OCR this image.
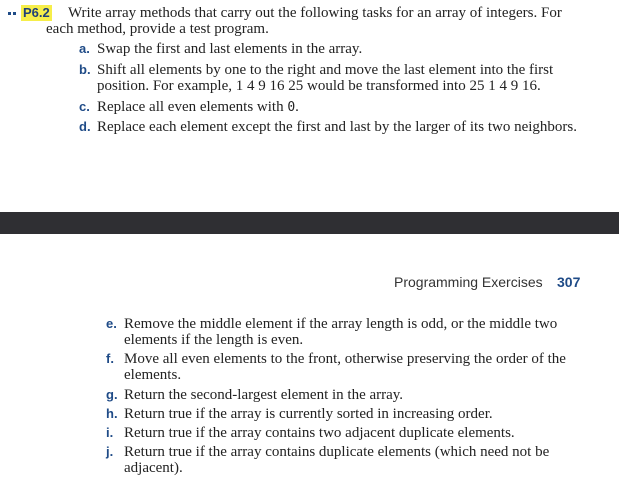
P6.2 Write array methods that carry out the following tasks for an array of integers. For
each method, provide a test program.
a. Swap the first and last elements in the array.
b. Shift all elements by one to the right and move the last element into the first
position. For example, 1 4 9 16 25 would be transformed into 25 1 4 9 16.
c. Replace all even elements with 0.
d. Replace each element except the first and last by the larger of its two neighbors.
Programming Exercises 307
e. Remove the middle element if the array length is odd, or the middle two
elements if the length is even.
f. Move all even elements to the front, otherwise preserving the order of the
elements.
g. Return the second-largest element in the array.
h. Return true if the array is currently sorted in increasing order.
i. Return true if the array contains two adjacent duplicate elements.
j. Return true if the array contains duplicate elements (which need not be
adjacent).
